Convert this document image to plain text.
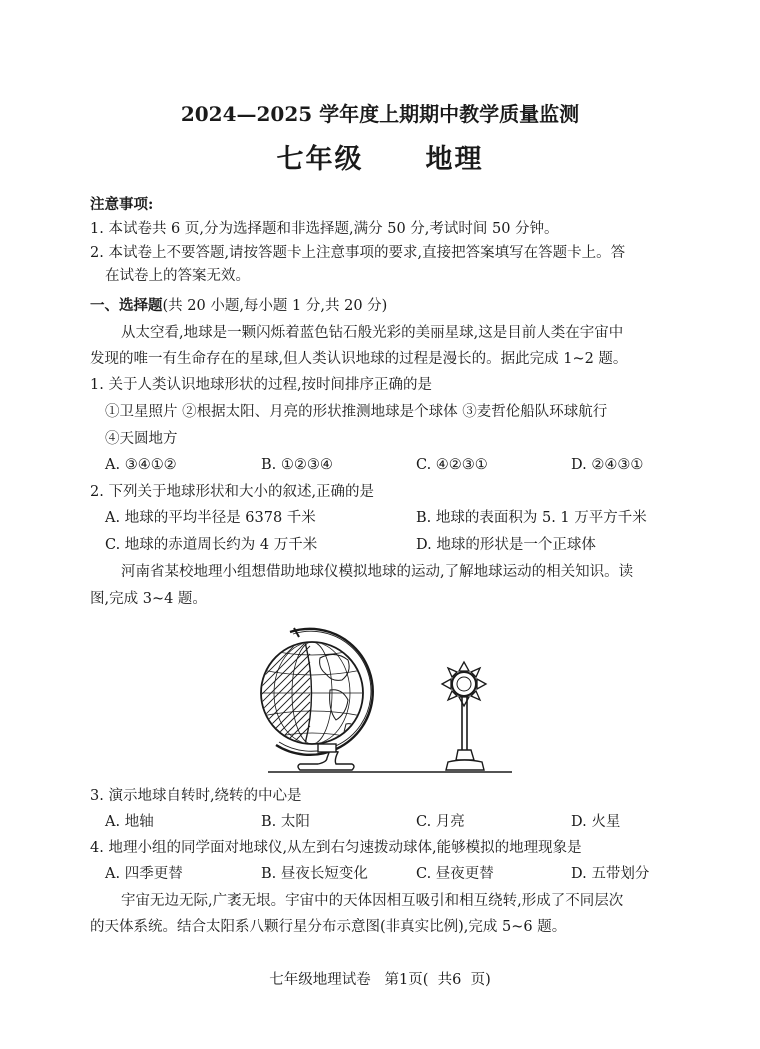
2024—2025 学年度上期期中教学质量监测
七年级 地理
注意事项:
1. 本试卷共 6 页,分为选择题和非选择题,满分 50 分,考试时间 50 分钟。
2. 本试卷上不要答题,请按答题卡上注意事项的要求,直接把答案填写在答题卡上。答
在试卷上的答案无效。
一、选择题(共 20 小题,每小题 1 分,共 20 分)
从太空看,地球是一颗闪烁着蓝色钻石般光彩的美丽星球,这是目前人类在宇宙中
发现的唯一有生命存在的星球,但人类认识地球的过程是漫长的。据此完成 1~2 题。
1. 关于人类认识地球形状的过程,按时间排序正确的是
①卫星照片 ②根据太阳、月亮的形状推测地球是个球体 ③麦哲伦船队环球航行
④天圆地方
A. ③④①②	B. ①②③④	C. ④②③①	D. ②④③①
2. 下列关于地球形状和大小的叙述,正确的是
A. 地球的平均半径是 6378 千米	B. 地球的表面积为 5. 1 万平方千米
C. 地球的赤道周长约为 4 万千米	D. 地球的形状是一个正球体
河南省某校地理小组想借助地球仪模拟地球的运动,了解地球运动的相关知识。读
图,完成 3~4 题。
3. 演示地球自转时,绕转的中心是
A. 地轴	B. 太阳	C. 月亮	D. 火星
4. 地理小组的同学面对地球仪,从左到右匀速拨动球体,能够模拟的地理现象是
A. 四季更替	B. 昼夜长短变化	C. 昼夜更替	D. 五带划分
宇宙无边无际,广袤无垠。宇宙中的天体因相互吸引和相互绕转,形成了不同层次
的天体系统。结合太阳系八颗行星分布示意图(非真实比例),完成 5~6 题。
七年级地理试卷   第1页(  共6  页)
